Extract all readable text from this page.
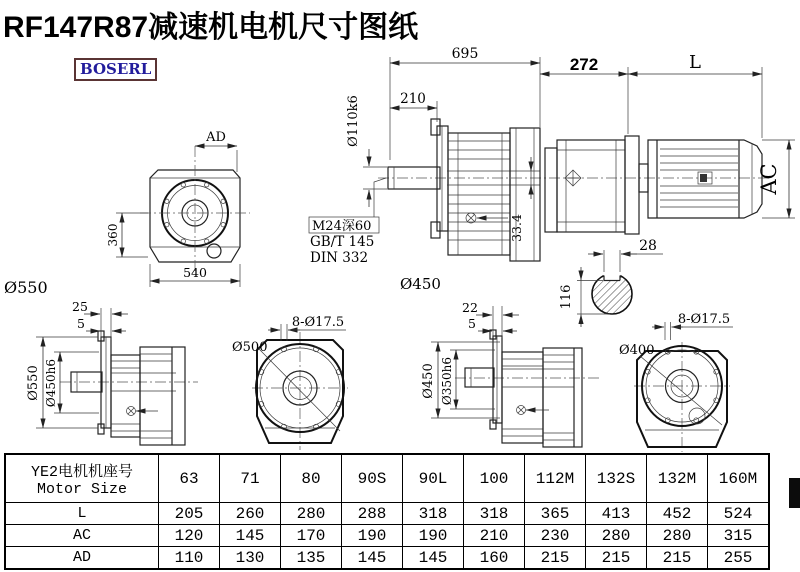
RF147R87减速机电机尺寸图纸
BOSERL
AD
360
540
Ø550
695
210
Ø110k6
M24深60
GB/T 145
DIN 332
Ø450
33.4
272	L
AC
28
116
25
5
Ø550 Ø450h6
8-Ø17.5
Ø500
22
5
Ø450 Ø350h6
8-Ø17.5
Ø400
YE2电机机座号
Motor Size	63	71	80	90S	90L	100	112M	132S	132M	160M
L	205	260	280	288	318	318	365	413	452	524
AC	120	145	170	190	190	210	230	280	280	315
AD	110	130	135	145	145	160	215	215	215	255
